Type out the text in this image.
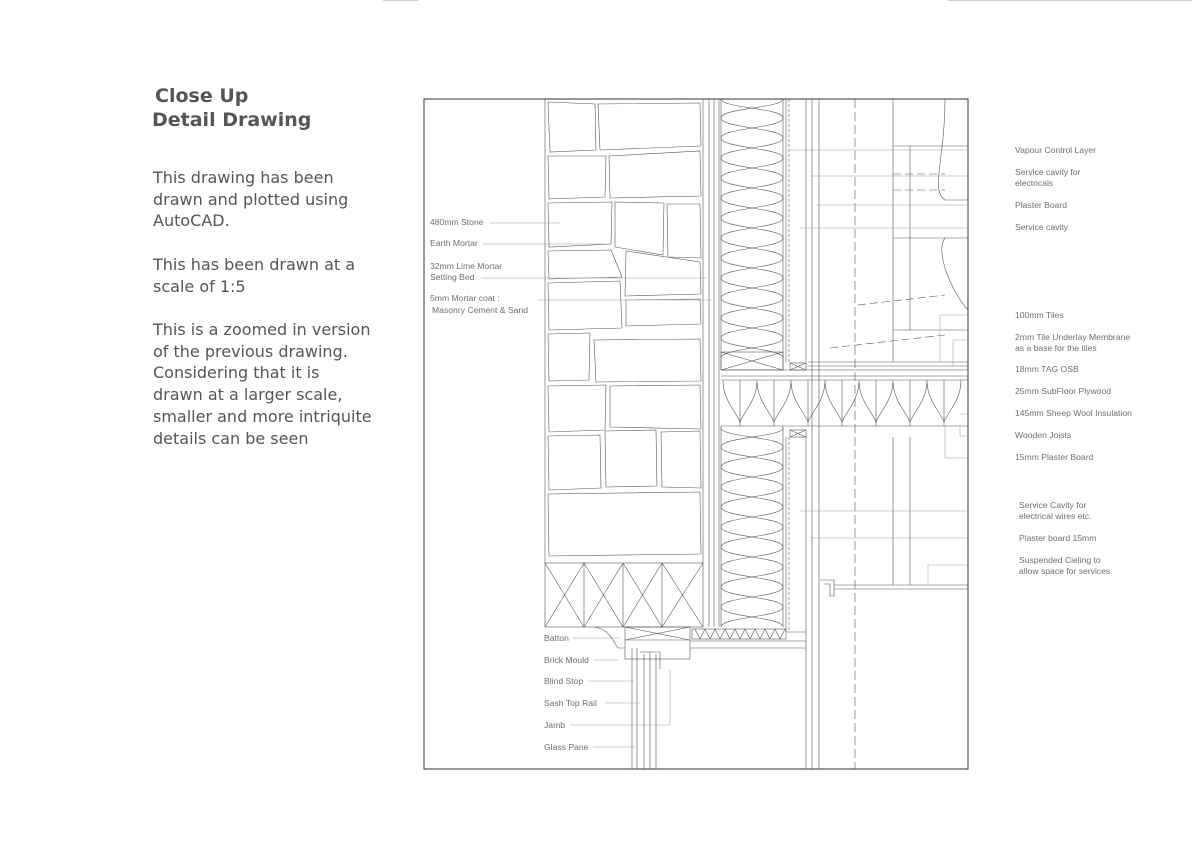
Close Up
Detail Drawing

This drawing has been drawn and plotted using AutoCAD.

This has been drawn at a scale of 1:5

This is a zoomed in version of the previous drawing. Considering that it is drawn at a larger scale, smaller and more intriquite details can be seen

480mm Stone
Earth Mortar
32mm Lime Mortar
Setting Bed
5mm Mortar coat :
Masonry Cement & Sand
Batton
Brick Mould
Blind Stop
Sash Top Rail
Jamb
Glass Pane
Vapour Control Layer
Service cavity for
electricals
Plaster Board
Service cavity
100mm Tiles
2mm Tile Underlay Membrane
as a base for the tiles
18mm TAG OSB
25mm SubFloor Plywood
145mm Sheep Wool Insulation
Wooden Joists
15mm Plaster Board
Service Cavity for
electrical wires etc.
Plaster board 15mm
Suspended Cieling to
allow space for services
